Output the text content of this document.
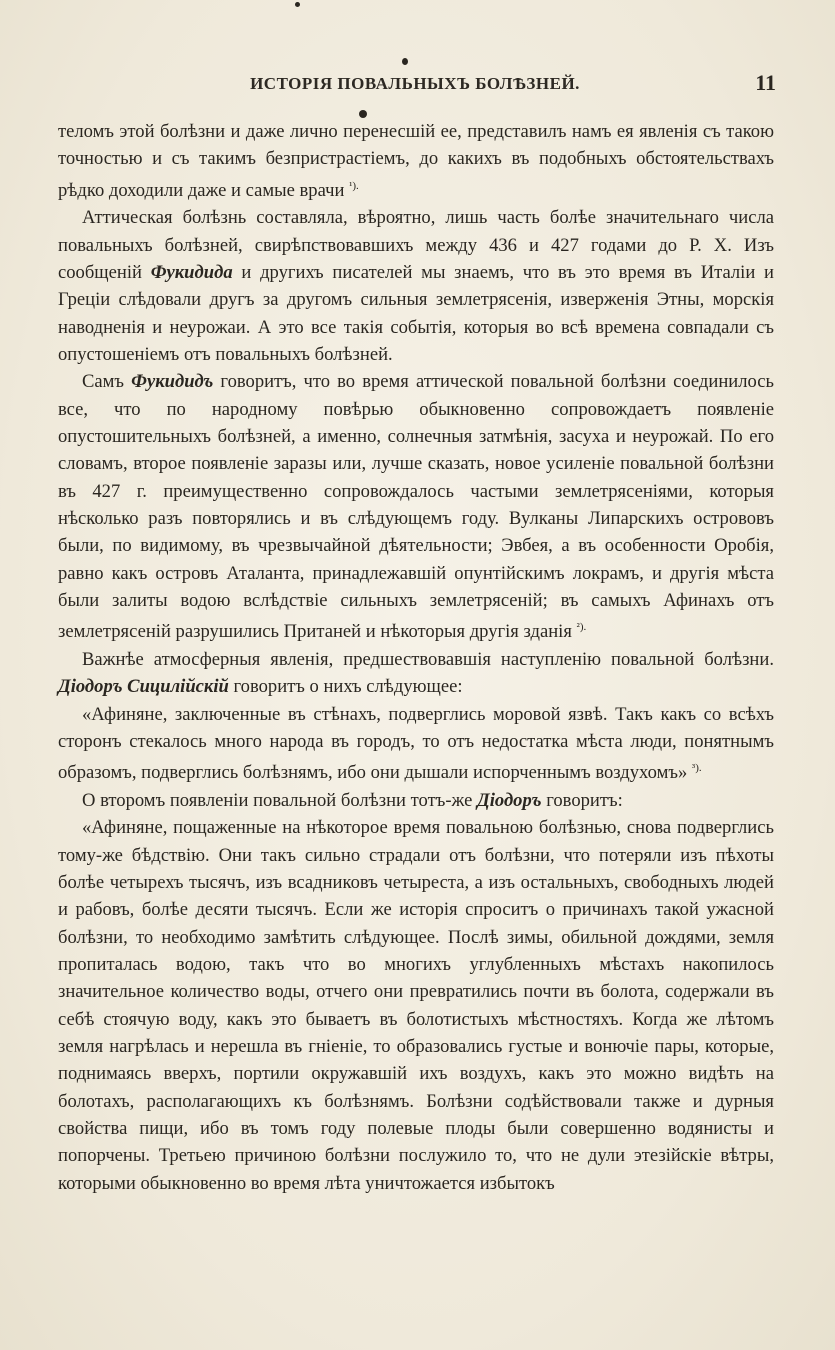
ИСТОРІЯ ПОВАЛЬНЫХЪ БОЛѢЗНЕЙ.	11

теломъ этой болѣзни и даже лично перенесшій ее, представилъ намъ ея явленія съ такою точностью и съ такимъ безпристрастіемъ, до какихъ въ подобныхъ обстоятельствахъ рѣдко доходили даже и самые врачи $^{^1).}$

Аттическая болѣзнь составляла, вѣроятно, лишь часть болѣе значительнаго числа повальныхъ болѣзней, свирѣпствовавшихъ между 436 и 427 годами до Р. Х. Изъ сообщеній Фукидида и другихъ писателей мы знаемъ, что въ это время въ Италіи и Греціи слѣдовали другъ за другомъ сильныя землетрясенія, изверженія Этны, морскія наводненія и неурожаи. А это все такія событія, которыя во всѣ времена совпадали съ опустошеніемъ отъ повальныхъ болѣзней.

Самъ Фукидидъ говоритъ, что во время аттической повальной болѣзни соединилось все, что по народному повѣрью обыкновенно сопровождаетъ появленіе опустошительныхъ болѣзней, а именно, солнечныя затмѣнія, засуха и неурожай. По его словамъ, второе появленіе заразы или, лучше сказать, новое усиленіе повальной болѣзни въ 427 г. преимущественно сопровождалось частыми землетрясеніями, которыя нѣсколько разъ повторялись и въ слѣдующемъ году. Вулканы Липарскихъ острововъ были, по видимому, въ чрезвычайной дѣятельности; Эвбея, а въ особенности Оробія, равно какъ островъ Аталанта, принадлежавшій опунтійскимъ локрамъ, и другія мѣста были залиты водою вслѣдствіе сильныхъ землетрясеній; въ самыхъ Афинахъ отъ землетрясеній разрушились Пританей и нѣкоторыя другія зданія $^{^2).}$

Важнѣе атмосферныя явленія, предшествовавшія наступленію повальной болѣзни. Діодоръ Сицилійскій говоритъ о нихъ слѣдующее:

«Афиняне, заключенные въ стѣнахъ, подверглись моровой язвѣ. Такъ какъ со всѣхъ сторонъ стекалось много народа въ городъ, то отъ недостатка мѣста люди, понятнымъ образомъ, подверглись болѣзнямъ, ибо они дышали испорченнымъ воздухомъ» $^{^3).}$

О второмъ появленіи повальной болѣзни тотъ-же Діодоръ говоритъ:

«Афиняне, пощаженные на нѣкоторое время повальною болѣзнью, снова подверглись тому-же бѣдствію. Они такъ сильно страдали отъ болѣзни, что потеряли изъ пѣхоты болѣе четырехъ тысячъ, изъ всадниковъ четыреста, а изъ остальныхъ, свободныхъ людей и рабовъ, болѣе десяти тысячъ. Если же исторія спроситъ о причинахъ такой ужасной болѣзни, то необходимо замѣтить слѣдующее. Послѣ зимы, обильной дождями, земля пропиталась водою, такъ что во многихъ углубленныхъ мѣстахъ накопилось значительное количество воды, отчего они превратились почти въ болота, содержали въ себѣ стоячую воду, какъ это бываетъ въ болотистыхъ мѣстностяхъ. Когда же лѣтомъ земля нагрѣлась и нерешла въ гніеніе, то образовались густые и вонючіе пары, которые, поднимаясь вверхъ, портили окружавшій ихъ воздухъ, какъ это можно видѣть на болотахъ, располагающихъ къ болѣзнямъ. Болѣзни содѣйствовали также и дурныя свойства пищи, ибо въ томъ году полевые плоды были совершенно водянисты и попорчены. Третьею причиною болѣзни послужило то, что не дули этезійскіе вѣтры, которыми обыкновенно во время лѣта уничтожается избытокъ
